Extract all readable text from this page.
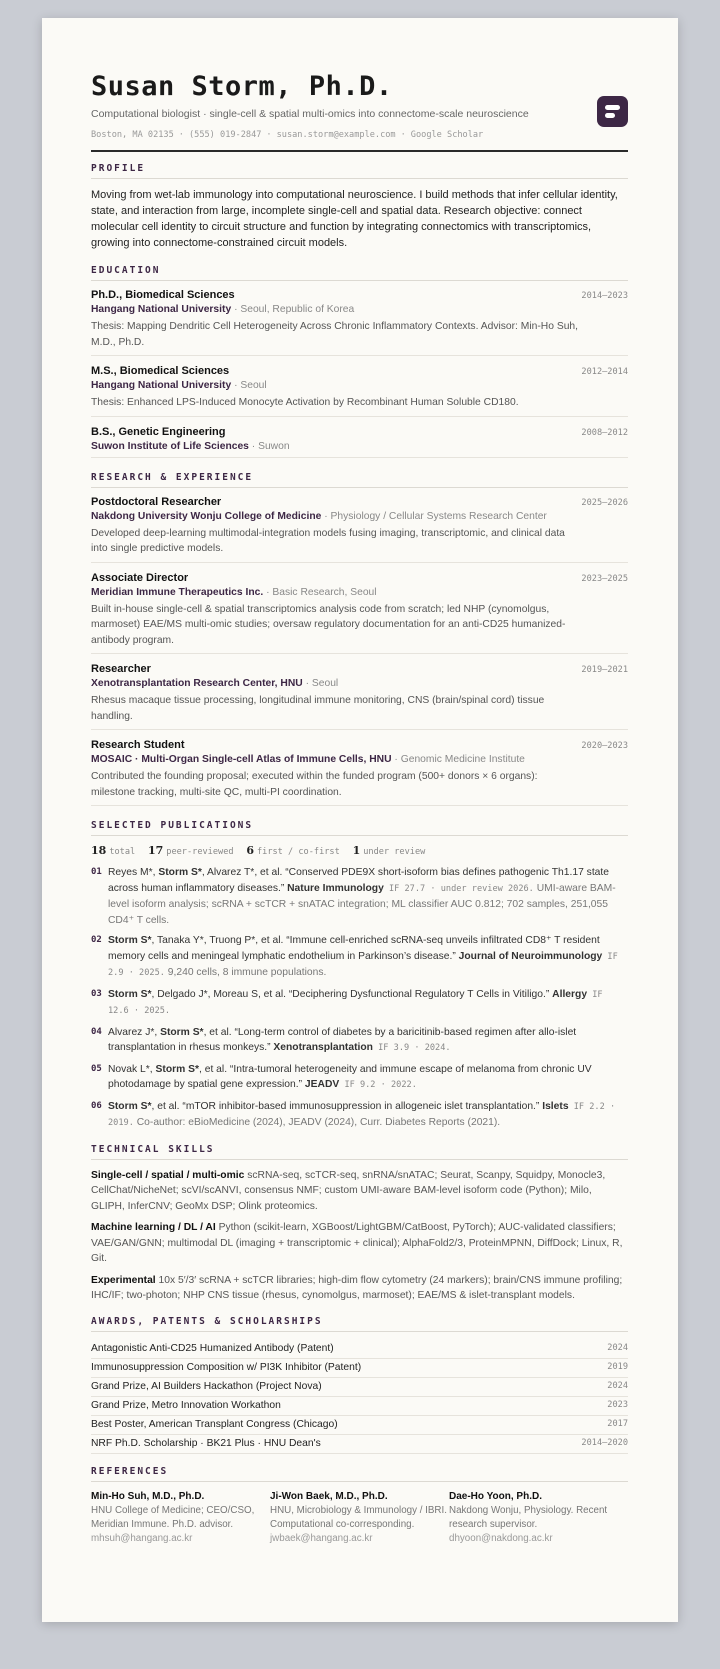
Susan Storm, Ph.D.
Computational biologist · single-cell & spatial multi-omics into connectome-scale neuroscience
Boston, MA 02135 · (555) 019-2847 · susan.storm@example.com · Google Scholar
PROFILE
Moving from wet-lab immunology into computational neuroscience. I build methods that infer cellular identity, state, and interaction from large, incomplete single-cell and spatial data. Research objective: connect molecular cell identity to circuit structure and function by integrating connectomics with transcriptomics, growing into connectome-constrained circuit models.
EDUCATION
Ph.D., Biomedical Sciences	2014–2023
Hangang National University · Seoul, Republic of Korea
Thesis: Mapping Dendritic Cell Heterogeneity Across Chronic Inflammatory Contexts. Advisor: Min-Ho Suh, M.D., Ph.D.
M.S., Biomedical Sciences	2012–2014
Hangang National University · Seoul
Thesis: Enhanced LPS-Induced Monocyte Activation by Recombinant Human Soluble CD180.
B.S., Genetic Engineering	2008–2012
Suwon Institute of Life Sciences · Suwon
RESEARCH & EXPERIENCE
Postdoctoral Researcher	2025–2026
Nakdong University Wonju College of Medicine · Physiology / Cellular Systems Research Center
Developed deep-learning multimodal-integration models fusing imaging, transcriptomic, and clinical data into single predictive models.
Associate Director	2023–2025
Meridian Immune Therapeutics Inc. · Basic Research, Seoul
Built in-house single-cell & spatial transcriptomics analysis code from scratch; led NHP (cynomolgus, marmoset) EAE/MS multi-omic studies; oversaw regulatory documentation for an anti-CD25 humanized-antibody program.
Researcher	2019–2021
Xenotransplantation Research Center, HNU · Seoul
Rhesus macaque tissue processing, longitudinal immune monitoring, CNS (brain/spinal cord) tissue handling.
Research Student	2020–2023
MOSAIC · Multi-Organ Single-cell Atlas of Immune Cells, HNU · Genomic Medicine Institute
Contributed the founding proposal; executed within the funded program (500+ donors × 6 organs): milestone tracking, multi-site QC, multi-PI coordination.
SELECTED PUBLICATIONS
18 total 17 peer-reviewed 6 first / co-first 1 under review
01 Reyes M*, Storm S*, Alvarez T*, et al. “Conserved PDE9X short-isoform bias defines pathogenic Th1.17 state across human inflammatory diseases.” Nature Immunology IF 27.7 · under review 2026. UMI-aware BAM-level isoform analysis; scRNA + scTCR + snATAC integration; ML classifier AUC 0.812; 702 samples, 251,055 CD4⁺ T cells.
02 Storm S*, Tanaka Y*, Truong P*, et al. “Immune cell-enriched scRNA-seq unveils infiltrated CD8⁺ T resident memory cells and meningeal lymphatic endothelium in Parkinson’s disease.” Journal of Neuroimmunology IF 2.9 · 2025. 9,240 cells, 8 immune populations.
03 Storm S*, Delgado J*, Moreau S, et al. “Deciphering Dysfunctional Regulatory T Cells in Vitiligo.” Allergy IF 12.6 · 2025.
04 Alvarez J*, Storm S*, et al. “Long-term control of diabetes by a baricitinib-based regimen after allo-islet transplantation in rhesus monkeys.” Xenotransplantation IF 3.9 · 2024.
05 Novak L*, Storm S*, et al. “Intra-tumoral heterogeneity and immune escape of melanoma from chronic UV photodamage by spatial gene expression.” JEADV IF 9.2 · 2022.
06 Storm S*, et al. “mTOR inhibitor-based immunosuppression in allogeneic islet transplantation.” Islets IF 2.2 · 2019. Co-author: eBioMedicine (2024), JEADV (2024), Curr. Diabetes Reports (2021).
TECHNICAL SKILLS
Single-cell / spatial / multi-omic scRNA-seq, scTCR-seq, snRNA/snATAC; Seurat, Scanpy, Squidpy, Monocle3, CellChat/NicheNet; scVI/scANVI, consensus NMF; custom UMI-aware BAM-level isoform code (Python); Milo, GLIPH, InferCNV; GeoMx DSP; Olink proteomics.
Machine learning / DL / AI Python (scikit-learn, XGBoost/LightGBM/CatBoost, PyTorch); AUC-validated classifiers; VAE/GAN/GNN; multimodal DL (imaging + transcriptomic + clinical); AlphaFold2/3, ProteinMPNN, DiffDock; Linux, R, Git.
Experimental 10x 5′/3′ scRNA + scTCR libraries; high-dim flow cytometry (24 markers); brain/CNS immune profiling; IHC/IF; two-photon; NHP CNS tissue (rhesus, cynomolgus, marmoset); EAE/MS & islet-transplant models.
AWARDS, PATENTS & SCHOLARSHIPS
Antagonistic Anti-CD25 Humanized Antibody (Patent)	2024
Immunosuppression Composition w/ PI3K Inhibitor (Patent)	2019
Grand Prize, AI Builders Hackathon (Project Nova)	2024
Grand Prize, Metro Innovation Workathon	2023
Best Poster, American Transplant Congress (Chicago)	2017
NRF Ph.D. Scholarship · BK21 Plus · HNU Dean's	2014–2020
REFERENCES
Min-Ho Suh, M.D., Ph.D.
HNU College of Medicine; CEO/CSO, Meridian Immune. Ph.D. advisor.
mhsuh@hangang.ac.kr
Ji-Won Baek, M.D., Ph.D.
HNU, Microbiology & Immunology / IBRI. Computational co-corresponding.
jwbaek@hangang.ac.kr
Dae-Ho Yoon, Ph.D.
Nakdong Wonju, Physiology. Recent research supervisor.
dhyoon@nakdong.ac.kr
